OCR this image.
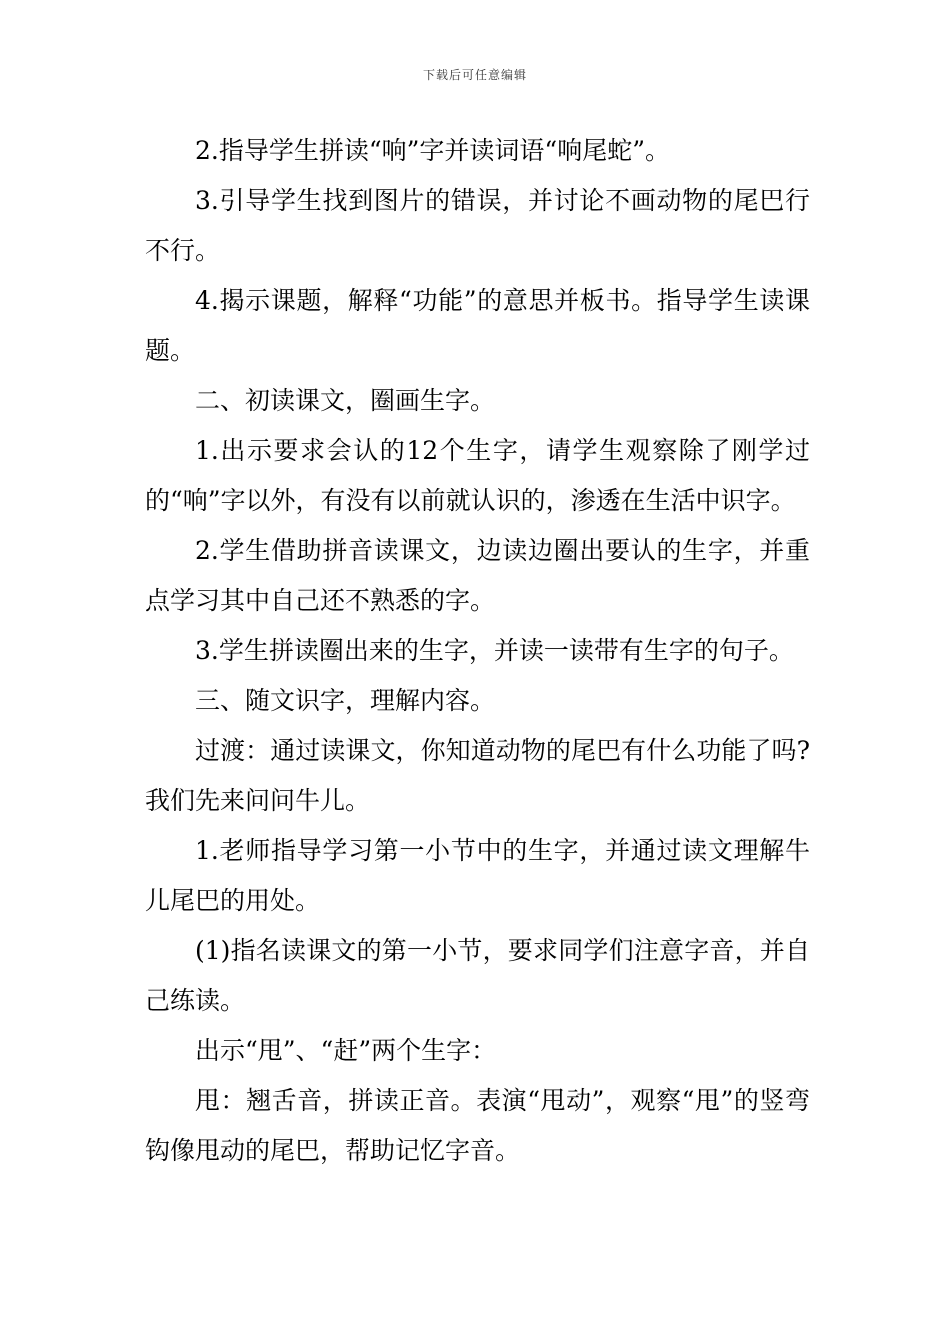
下载后可任意编辑

2.指导学生拼读“响”字并读词语“响尾蛇”。

3.引导学生找到图片的错误，并讨论不画动物的尾巴行不行。

4.揭示课题，解释“功能”的意思并板书。指导学生读课题。

二、初读课文，圈画生字。

1.出示要求会认的12个生字，请学生观察除了刚学过的“响”字以外，有没有以前就认识的，渗透在生活中识字。

2.学生借助拼音读课文，边读边圈出要认的生字，并重点学习其中自己还不熟悉的字。

3.学生拼读圈出来的生字，并读一读带有生字的句子。

三、随文识字，理解内容。

过渡：通过读课文，你知道动物的尾巴有什么功能了吗?我们先来问问牛儿。

1.老师指导学习第一小节中的生字，并通过读文理解牛儿尾巴的用处。

(1)指名读课文的第一小节，要求同学们注意字音，并自己练读。

出示“甩”、“赶”两个生字：

甩：翘舌音，拼读正音。表演“甩动”，观察“甩”的竖弯钩像甩动的尾巴，帮助记忆字音。
